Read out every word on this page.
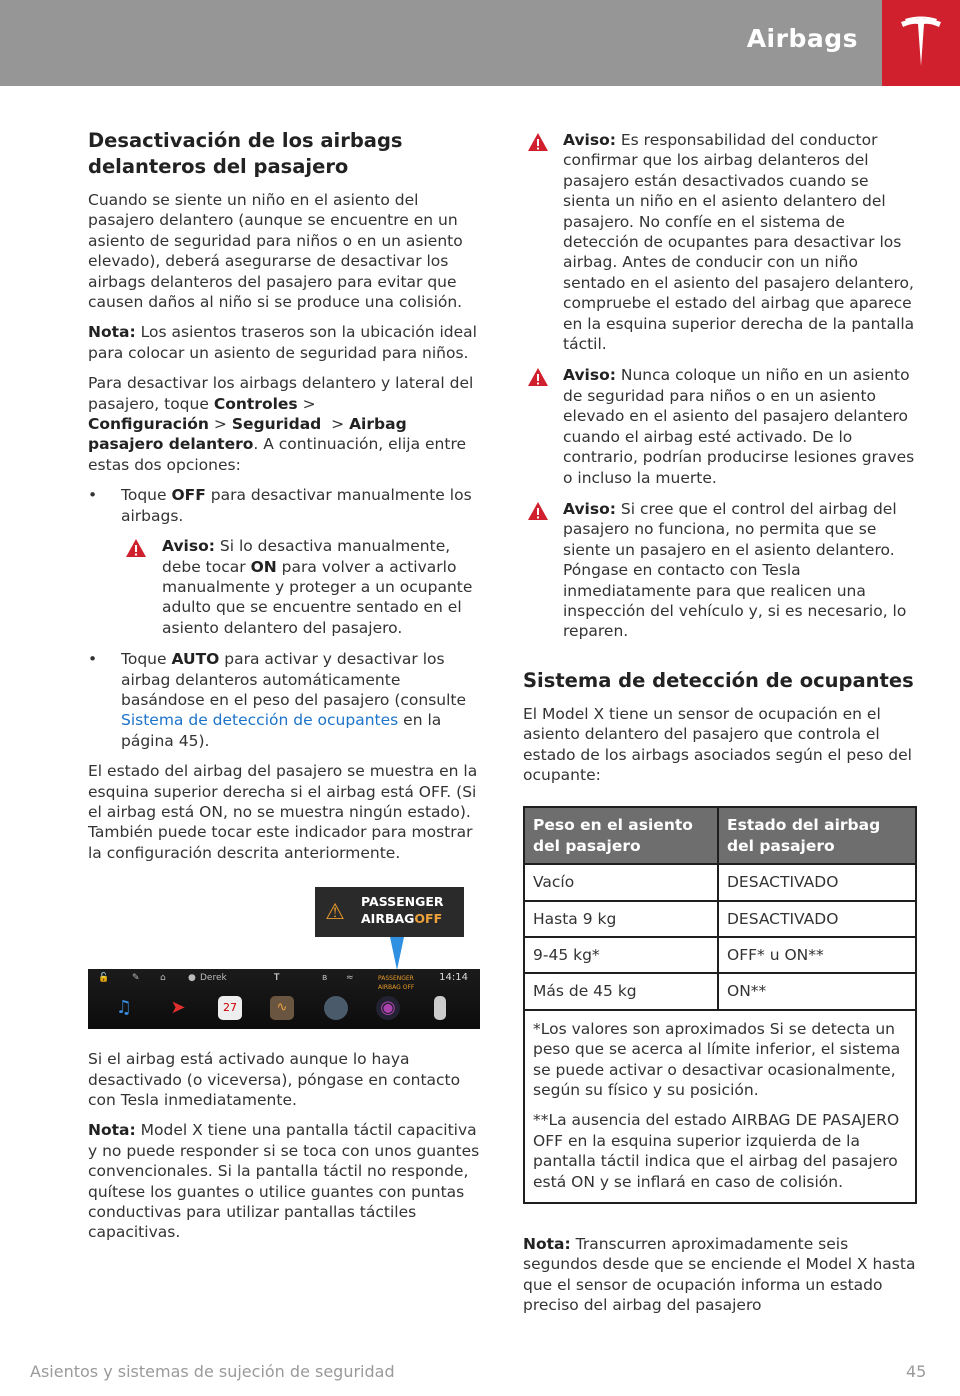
Airbags
Desactivación de los airbags delanteros del pasajero

Cuando se siente un niño en el asiento del pasajero delantero (aunque se encuentre en un asiento de seguridad para niños o en un asiento elevado), deberá asegurarse de desactivar los airbags delanteros del pasajero para evitar que causen daños al niño si se produce una colisión.

Nota: Los asientos traseros son la ubicación ideal para colocar un asiento de seguridad para niños.

Para desactivar los airbags delantero y lateral del pasajero, toque Controles >
Configuración > Seguridad > Airbag pasajero delantero. A continuación, elija entre estas dos opciones:

• Toque OFF para desactivar manualmente los airbags.
Aviso: Si lo desactiva manualmente, debe tocar ON para volver a activarlo manualmente y proteger a un ocupante adulto que se encuentre sentado en el asiento delantero del pasajero.
• Toque AUTO para activar y desactivar los airbag delanteros automáticamente basándose en el peso del pasajero (consulte Sistema de detección de ocupantes en la página 45).

El estado del airbag del pasajero se muestra en la esquina superior derecha si el airbag está OFF. (Si el airbag está ON, no se muestra ningún estado). También puede tocar este indicador para mostrar la configuración descrita anteriormente.

⚠	PASSENGER
AIRBAGOFF
🔓	✎ ⌂ ● Derek	T	ʙ ≈	PASSENGER AIRBAG OFF
14:14
♫ ➤	27	∿	◉

Si el airbag está activado aunque lo haya desactivado (o viceversa), póngase en contacto con Tesla inmediatamente.

Nota: Model X tiene una pantalla táctil capacitiva y no puede responder si se toca con unos guantes convencionales. Si la pantalla táctil no responde, quítese los guantes o utilice guantes con puntas conductivas para utilizar pantallas táctiles capacitivas.

Aviso: Es responsabilidad del conductor confirmar que los airbag delanteros del pasajero están desactivados cuando se sienta un niño en el asiento delantero del pasajero. No confíe en el sistema de detección de ocupantes para desactivar los airbag. Antes de conducir con un niño sentado en el asiento del pasajero delantero, compruebe el estado del airbag que aparece en la esquina superior derecha de la pantalla táctil.
Aviso: Nunca coloque un niño en un asiento de seguridad para niños o en un asiento elevado en el asiento del pasajero delantero cuando el airbag esté activado. De lo contrario, podrían producirse lesiones graves o incluso la muerte.
Aviso: Si cree que el control del airbag del pasajero no funciona, no permita que se siente un pasajero en el asiento delantero. Póngase en contacto con Tesla inmediatamente para que realicen una inspección del vehículo y, si es necesario, lo reparen.
Sistema de detección de ocupantes

El Model X tiene un sensor de ocupación en el asiento delantero del pasajero que controla el estado de los airbags asociados según el peso del ocupante:

Peso en el asiento del pasajero	Estado del airbag del pasajero
Vacío	DESACTIVADO
Hasta 9 kg	DESACTIVADO
9-45 kg*	OFF* u ON**
Más de 45 kg	ON**

*Los valores son aproximados Si se detecta un peso que se acerca al límite inferior, el sistema se puede activar o desactivar ocasionalmente, según su físico y su posición.

**La ausencia del estado AIRBAG DE PASAJERO OFF en la esquina superior izquierda de la pantalla táctil indica que el airbag del pasajero está ON y se inflará en caso de colisión.	

Nota: Transcurren aproximadamente seis segundos desde que se enciende el Model X hasta que el sensor de ocupación informa un estado preciso del airbag del pasajero

Asientos y sistemas de sujeción de seguridad	45
